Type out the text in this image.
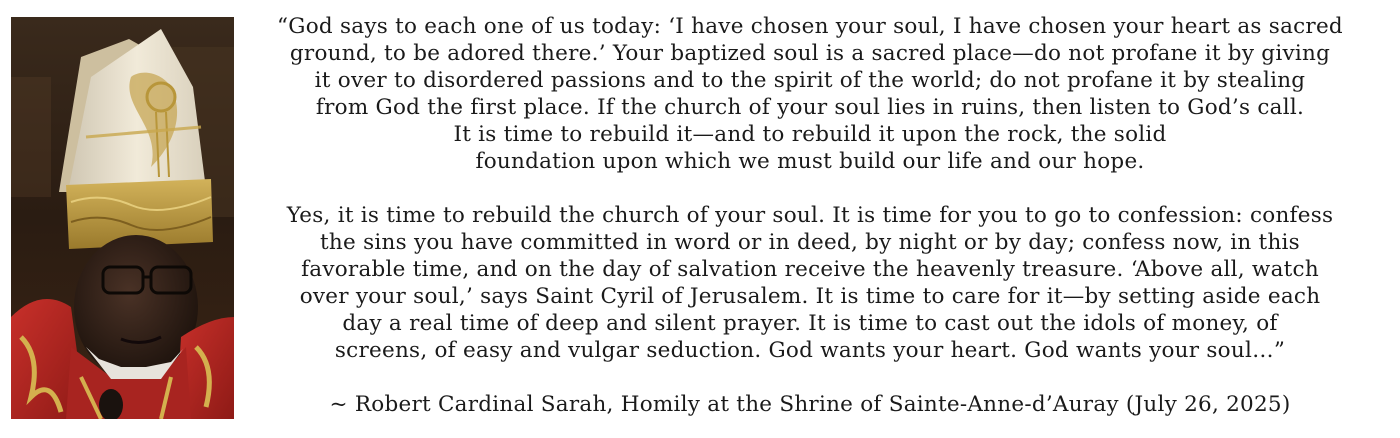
“God says to each one of us today: ‘I have chosen your soul, I have chosen your heart as sacred
ground, to be adored there.’ Your baptized soul is a sacred place—do not profane it by giving
it over to disordered passions and to the spirit of the world; do not profane it by stealing
from God the first place. If the church of your soul lies in ruins, then listen to God’s call.
It is time to rebuild it—and to rebuild it upon the rock, the solid
foundation upon which we must build our life and our hope.
Yes, it is time to rebuild the church of your soul. It is time for you to go to confession: confess
the sins you have committed in word or in deed, by night or by day; confess now, in this
favorable time, and on the day of salvation receive the heavenly treasure. ‘Above all, watch
over your soul,’ says Saint Cyril of Jerusalem. It is time to care for it—by setting aside each
day a real time of deep and silent prayer. It is time to cast out the idols of money, of
screens, of easy and vulgar seduction. God wants your heart. God wants your soul…”
~ Robert Cardinal Sarah, Homily at the Shrine of Sainte-Anne-d’Auray (July 26, 2025)
